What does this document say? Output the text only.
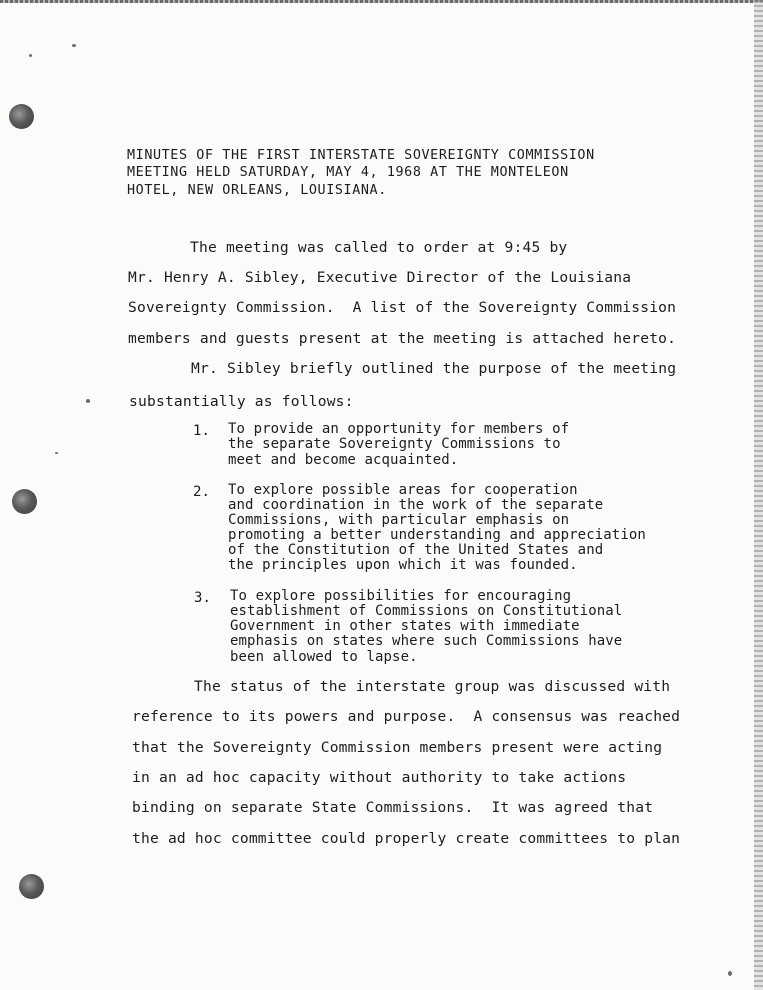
MINUTES OF THE FIRST INTERSTATE SOVEREIGNTY COMMISSION
MEETING HELD SATURDAY, MAY 4, 1968 AT THE MONTELEON
HOTEL, NEW ORLEANS, LOUISIANA.
The meeting was called to order at 9:45 by
Mr. Henry A. Sibley, Executive Director of the Louisiana
Sovereignty Commission.  A list of the Sovereignty Commission
members and guests present at the meeting is attached hereto.
Mr. Sibley briefly outlined the purpose of the meeting
substantially as follows:
1. To provide an opportunity for members of
the separate Sovereignty Commissions to
meet and become acquainted.
2. To explore possible areas for cooperation
and coordination in the work of the separate
Commissions, with particular emphasis on
promoting a better understanding and appreciation
of the Constitution of the United States and
the principles upon which it was founded.
3. To explore possibilities for encouraging
establishment of Commissions on Constitutional
Government in other states with immediate
emphasis on states where such Commissions have
been allowed to lapse.
The status of the interstate group was discussed with
reference to its powers and purpose.  A consensus was reached
that the Sovereignty Commission members present were acting
in an ad hoc capacity without authority to take actions
binding on separate State Commissions.  It was agreed that
the ad hoc committee could properly create committees to plan
